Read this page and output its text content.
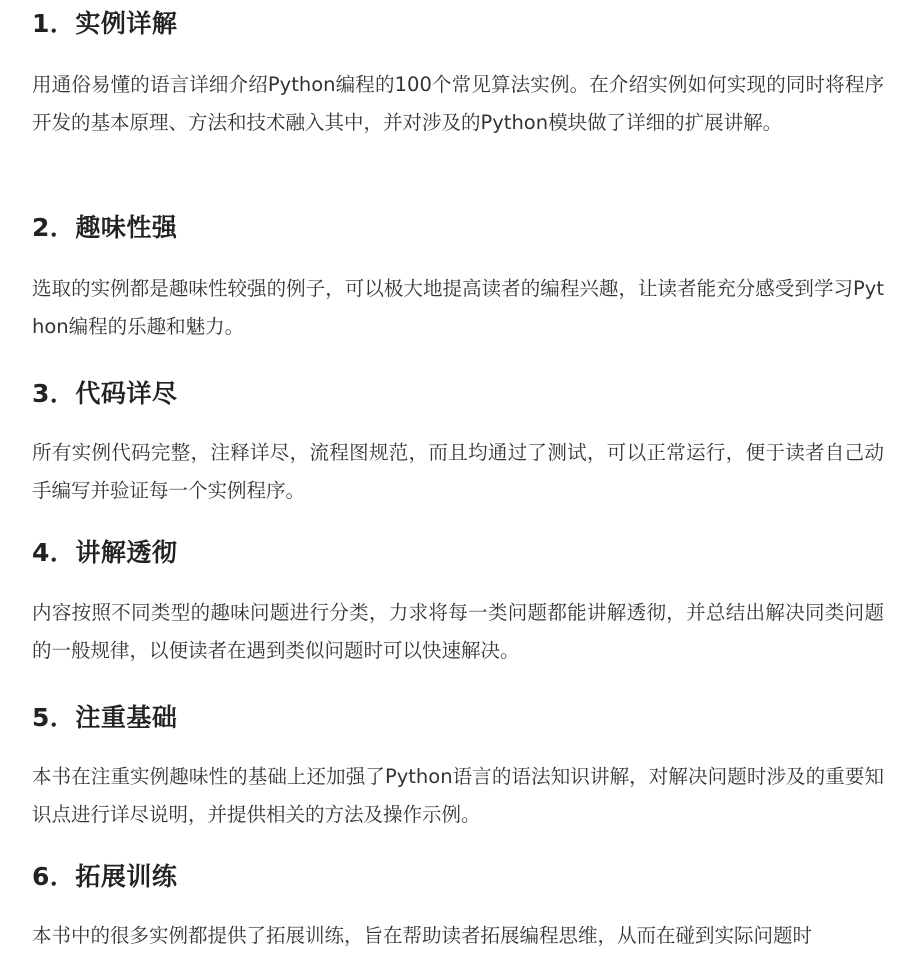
1．实例详解

用通俗易懂的语言详细介绍Python编程的100个常见算法实例。在介绍实例如何实现的同时将程序开发的基本原理、方法和技术融入其中，并对涉及的Python模块做了详细的扩展讲解。

2．趣味性强

选取的实例都是趣味性较强的例子，可以极大地提高读者的编程兴趣，让读者能充分感受到学习Python编程的乐趣和魅力。

3．代码详尽

所有实例代码完整，注释详尽，流程图规范，而且均通过了测试，可以正常运行，便于读者自己动手编写并验证每一个实例程序。

4．讲解透彻

内容按照不同类型的趣味问题进行分类，力求将每一类问题都能讲解透彻，并总结出解决同类问题的一般规律，以便读者在遇到类似问题时可以快速解决。

5．注重基础

本书在注重实例趣味性的基础上还加强了Python语言的语法知识讲解，对解决问题时涉及的重要知识点进行详尽说明，并提供相关的方法及操作示例。

6．拓展训练

本书中的很多实例都提供了拓展训练，旨在帮助读者拓展编程思维，从而在碰到实际问题时
